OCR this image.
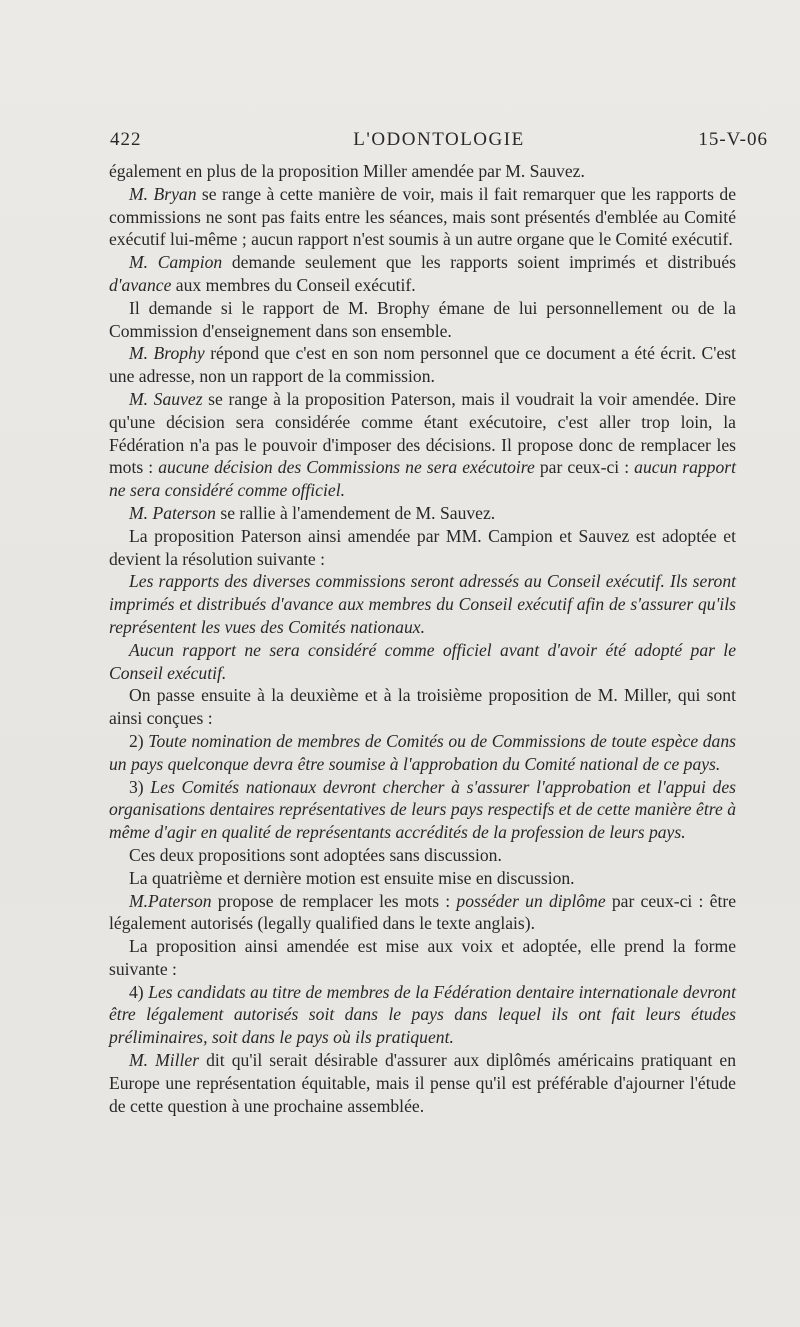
L'ODONTOLOGIE
422	15-V-06

également en plus de la proposition Miller amendée par M. Sauvez.

M. Bryan se range à cette manière de voir, mais il fait remarquer que les rapports de commissions ne sont pas faits entre les séances, mais sont présentés d'emblée au Comité exécutif lui-même ; aucun rapport n'est soumis à un autre organe que le Comité exécutif.

M. Campion demande seulement que les rapports soient imprimés et distribués d'avance aux membres du Conseil exécutif.

Il demande si le rapport de M. Brophy émane de lui personnellement ou de la Commission d'enseignement dans son ensemble.

M. Brophy répond que c'est en son nom personnel que ce document a été écrit. C'est une adresse, non un rapport de la commission.

M. Sauvez se range à la proposition Paterson, mais il voudrait la voir amendée. Dire qu'une décision sera considérée comme étant exécutoire, c'est aller trop loin, la Fédération n'a pas le pouvoir d'imposer des décisions. Il propose donc de remplacer les mots : aucune décision des Commissions ne sera exécutoire par ceux-ci : aucun rapport ne sera considéré comme officiel.

M. Paterson se rallie à l'amendement de M. Sauvez.

La proposition Paterson ainsi amendée par MM. Campion et Sauvez est adoptée et devient la résolution suivante :

Les rapports des diverses commissions seront adressés au Conseil exécutif. Ils seront imprimés et distribués d'avance aux membres du Conseil exécutif afin de s'assurer qu'ils représentent les vues des Comités nationaux.

Aucun rapport ne sera considéré comme officiel avant d'avoir été adopté par le Conseil exécutif.

On passe ensuite à la deuxième et à la troisième proposition de M. Miller, qui sont ainsi conçues :

2) Toute nomination de membres de Comités ou de Commissions de toute espèce dans un pays quelconque devra être soumise à l'approbation du Comité national de ce pays.

3) Les Comités nationaux devront chercher à s'assurer l'approbation et l'appui des organisations dentaires représentatives de leurs pays respectifs et de cette manière être à même d'agir en qualité de représentants accrédités de la profession de leurs pays.

Ces deux propositions sont adoptées sans discussion.

La quatrième et dernière motion est ensuite mise en discussion.

M.Paterson propose de remplacer les mots : posséder un diplôme par ceux-ci : être légalement autorisés (legally qualified dans le texte anglais).

La proposition ainsi amendée est mise aux voix et adoptée, elle prend la forme suivante :

4) Les candidats au titre de membres de la Fédération dentaire internationale devront être légalement autorisés soit dans le pays dans lequel ils ont fait leurs études préliminaires, soit dans le pays où ils pratiquent.

M. Miller dit qu'il serait désirable d'assurer aux diplômés américains pratiquant en Europe une représentation équitable, mais il pense qu'il est préférable d'ajourner l'étude de cette question à une prochaine assemblée.
